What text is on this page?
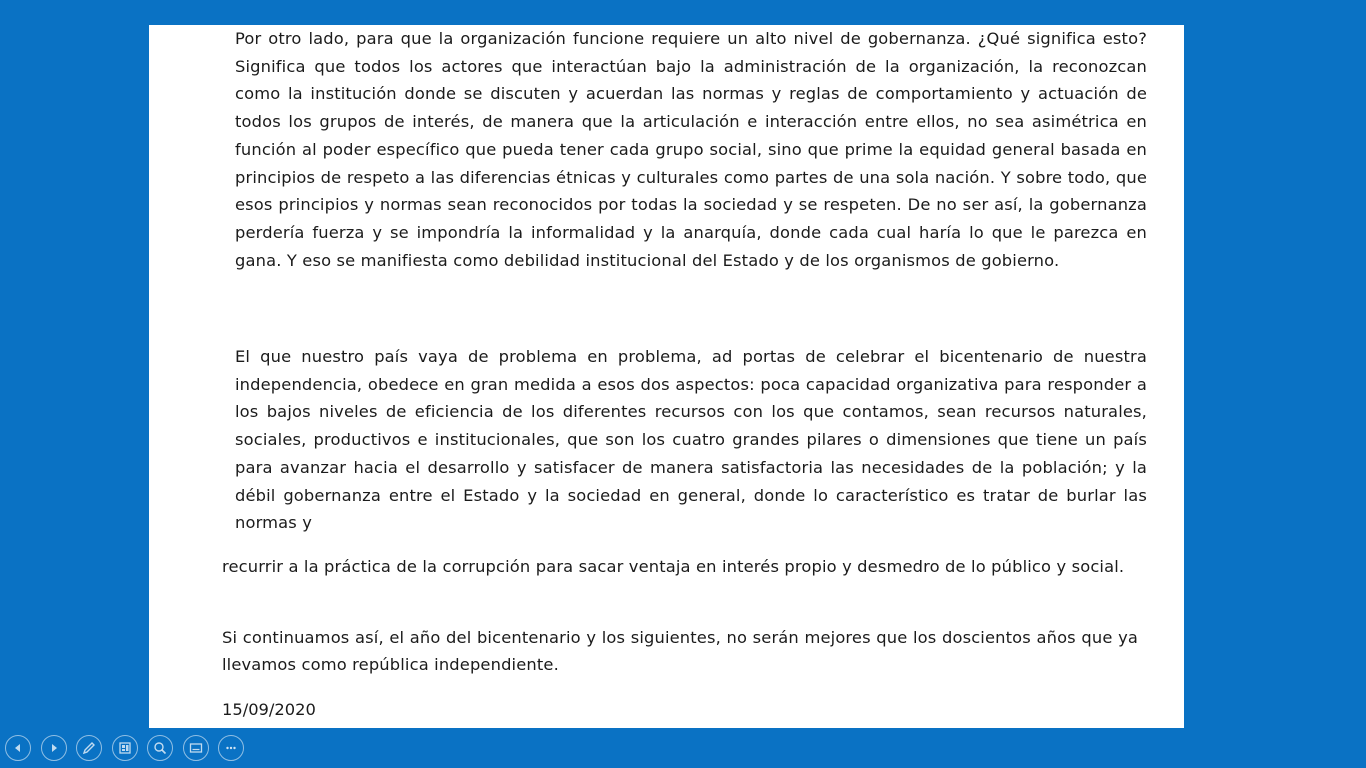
Por otro lado, para que la organización funcione requiere un alto nivel de gobernanza. ¿Qué significa esto? Significa que todos los actores que interactúan bajo la administración de la organización, la reconozcan como la institución donde se discuten y acuerdan las normas y reglas de comportamiento y actuación de todos los grupos de interés, de manera que la articulación e interacción entre ellos, no sea asimétrica en función al poder específico que pueda tener cada grupo social, sino que prime la equidad general basada en principios de respeto a las diferencias étnicas y culturales como partes de una sola nación. Y sobre todo, que esos principios y normas sean reconocidos por todas la sociedad y se respeten. De no ser así, la gobernanza perdería fuerza y se impondría la informalidad y la anarquía, donde cada cual haría lo que le parezca en gana. Y eso se manifiesta como debilidad institucional del Estado y de los organismos de gobierno.

El que nuestro país vaya de problema en problema, ad portas de celebrar el bicentenario de nuestra independencia, obedece en gran medida a esos dos aspectos: poca capacidad organizativa para responder a los bajos niveles de eficiencia de los diferentes recursos con los que contamos, sean recursos naturales, sociales, productivos e institucionales, que son los cuatro grandes pilares o dimensiones que tiene un país para avanzar hacia el desarrollo y satisfacer de manera satisfactoria las necesidades de la población; y la débil gobernanza entre el Estado y la sociedad en general, donde lo característico es tratar de burlar las normas y

recurrir a la práctica de la corrupción para sacar ventaja en interés propio y desmedro de lo público y social.

Si continuamos así, el año del bicentenario y los siguientes, no serán mejores que los doscientos años que ya llevamos como república independiente.

15/09/2020
